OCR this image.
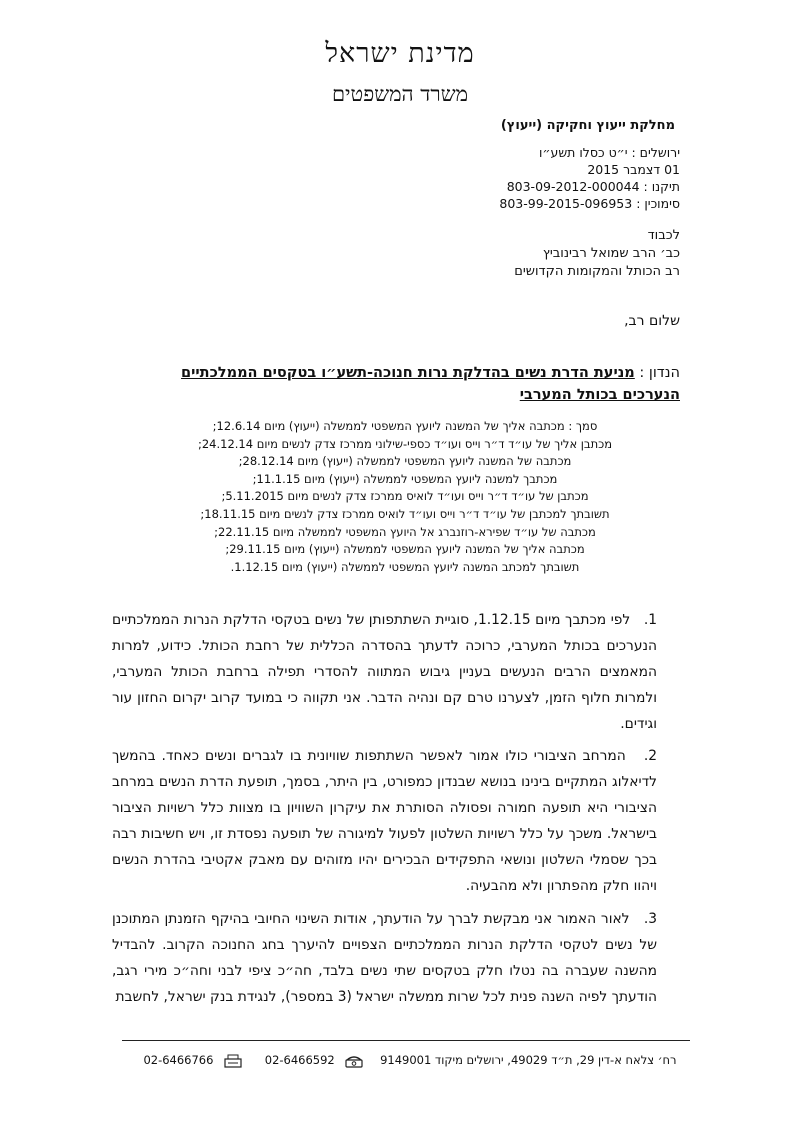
מדינת ישראל
משרד המשפטים
מחלקת ייעוץ וחקיקה (ייעוץ)
ירושלים : י״ט כסלו תשע״ו
01 דצמבר 2015
תיקנו : 803-09-2012-000044
סימוכין : 803-99-2015-096953
לכבוד
כב׳ הרב שמואל רבינוביץ
רב הכותל והמקומות הקדושים
שלום רב,
הנדון : מניעת הדרת נשים בהדלקת נרות חנוכה-תשע״ו בטקסים הממלכתיים הנערכים בכותל המערבי
סמך : מכתבה אליך של המשנה ליועץ המשפטי לממשלה (ייעוץ) מיום 12.6.14;
מכתבן אליך של עו״ד ד״ר וייס ועו״ד כספי-שילוני ממרכז צדק לנשים מיום 24.12.14;
מכתבה של המשנה ליועץ המשפטי לממשלה (ייעוץ) מיום 28.12.14;
מכתבך למשנה ליועץ המשפטי לממשלה (ייעוץ) מיום 11.1.15;
מכתבן של עו״ד ד״ר וייס ועו״ד לואיס ממרכז צדק לנשים מיום 5.11.2015;
תשובתך למכתבן של עו״ד ד״ר וייס ועו״ד לואיס ממרכז צדק לנשים מיום 18.11.15;
מכתבה של עו״ד שפירא-רוזנברג אל היועץ המשפטי לממשלה מיום 22.11.15;
מכתבה אליך של המשנה ליועץ המשפטי לממשלה (ייעוץ) מיום 29.11.15;
תשובתך למכתב המשנה ליועץ המשפטי לממשלה (ייעוץ) מיום 1.12.15.
1.   לפי מכתבך מיום 1.12.15, סוגיית השתתפותן של נשים בטקסי הדלקת הנרות הממלכתיים הנערכים בכותל המערבי, כרוכה לדעתך בהסדרה הכללית של רחבת הכותל. כידוע, למרות המאמצים הרבים הנעשים בעניין גיבוש המתווה להסדרי תפילה ברחבת הכותל המערבי, ולמרות חלוף הזמן, לצערנו טרם קם ונהיה הדבר. אני תקווה כי במועד קרוב יקרום החזון עור וגידים.
2.   המרחב הציבורי כולו אמור לאפשר השתתפות שוויונית בו לגברים ונשים כאחד. בהמשך לדיאלוג המתקיים בינינו בנושא שבנדון כמפורט, בין היתר, בסמך, תופעת הדרת הנשים במרחב הציבורי היא תופעה חמורה ופסולה הסותרת את עיקרון השוויון בו מצוות כלל רשויות הציבור בישראל. משכך על כלל רשויות השלטון לפעול למיגורה של תופעה נפסדת זו, ויש חשיבות רבה בכך שסמלי השלטון ונושאי התפקידים הבכירים יהיו מזוהים עם מאבק אקטיבי בהדרת הנשים ויהוו חלק מהפתרון ולא מהבעיה.
3.   לאור האמור אני מבקשת לברך על הודעתך, אודות השינוי החיובי בהיקף הזמנתן המתוכנן של נשים לטקסי הדלקת הנרות הממלכתיים הצפויים להיערך בחג החנוכה הקרוב. להבדיל מהשנה שעברה בה נטלו חלק בטקסים שתי נשים בלבד, חה״כ ציפי לבני וחה״כ מירי רגב, הודעתך לפיה השנה פנית לכל שרות ממשלה ישראל (3 במספר), לנגידת בנק ישראל, לחשבת
רח׳ צלאח א-דין 29, ת״ד 49029, ירושלים מיקוד 9149001  02-6466592  02-6466766
